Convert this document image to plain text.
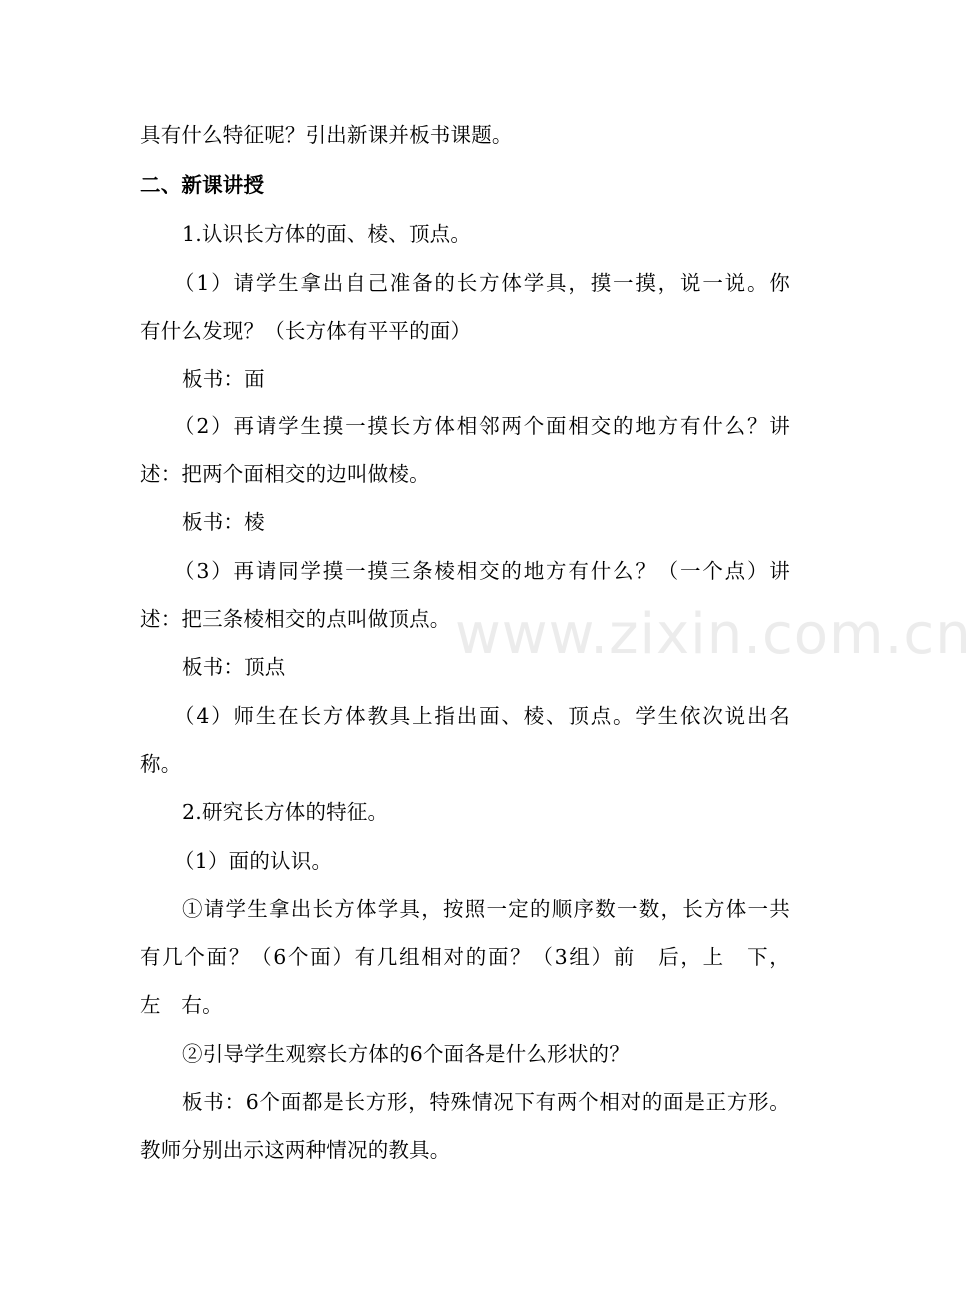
www.zixin.com.cn
具有什么特征呢？引出新课并板书课题。
二、新课讲授
1.认识长方体的面、棱、顶点。
（1）请学生拿出自己准备的长方体学具，摸一摸，说一说。你
有什么发现？（长方体有平平的面）
板书：面
（2）再请学生摸一摸长方体相邻两个面相交的地方有什么？讲
述：把两个面相交的边叫做棱。
板书：棱
（3）再请同学摸一摸三条棱相交的地方有什么？（一个点）讲
述：把三条棱相交的点叫做顶点。
板书：顶点
（4）师生在长方体教具上指出面、棱、顶点。学生依次说出名
称。
2.研究长方体的特征。
（1）面的认识。
①请学生拿出长方体学具，按照一定的顺序数一数，长方体一共
有几个面？（6个面）有几组相对的面？（3组）前　后，上　下，
左　右。
②引导学生观察长方体的6个面各是什么形状的？
板书：6个面都是长方形，特殊情况下有两个相对的面是正方形。
教师分别出示这两种情况的教具。
